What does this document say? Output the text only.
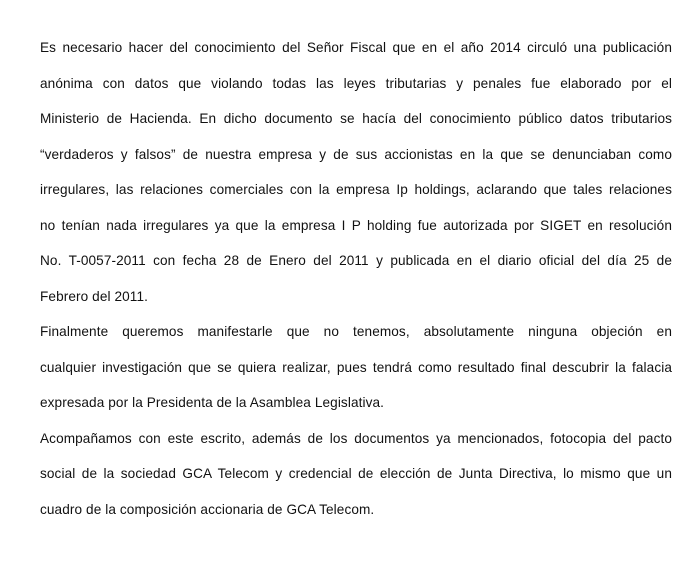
Es necesario hacer del conocimiento del Señor Fiscal que en el año 2014 circuló una publicación
anónima con datos que violando todas las leyes tributarias y penales fue elaborado por el
Ministerio de Hacienda. En dicho documento se hacía del conocimiento público datos tributarios
“verdaderos y falsos” de nuestra empresa y de sus accionistas en la que se denunciaban como
irregulares, las relaciones comerciales con la empresa Ip holdings, aclarando que tales relaciones
no tenían nada irregulares ya que la empresa I P holding fue autorizada por SIGET en resolución
No. T-0057-2011 con fecha 28 de Enero del 2011 y publicada en el diario oficial del día 25 de
Febrero del 2011.
Finalmente queremos manifestarle que no tenemos, absolutamente ninguna objeción en
cualquier investigación que se quiera realizar, pues tendrá como resultado final descubrir la falacia
expresada por la Presidenta de la Asamblea Legislativa.
Acompañamos con este escrito, además de los documentos ya mencionados, fotocopia del pacto
social de la sociedad GCA Telecom y credencial de elección de Junta Directiva, lo mismo que un
cuadro de la composición accionaria de GCA Telecom.
